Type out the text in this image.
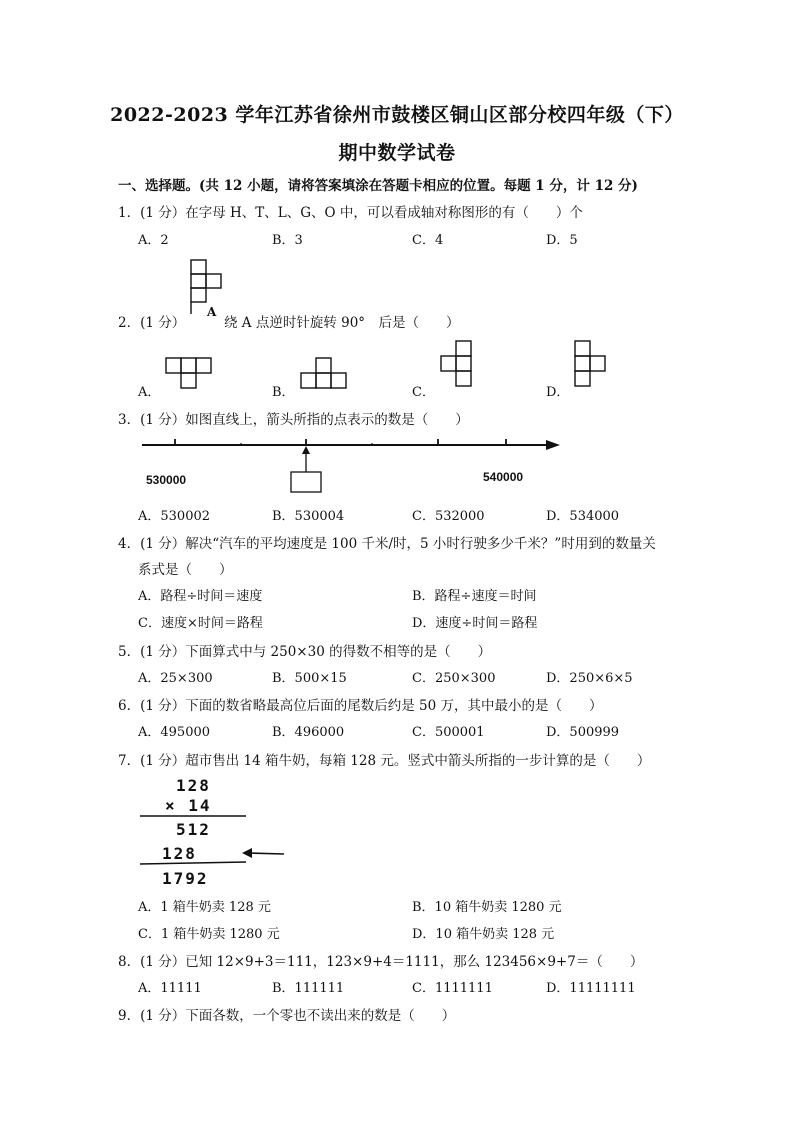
2022-2023 学年江苏省徐州市鼓楼区铜山区部分校四年级（下）
期中数学试卷
一、选择题。(共 12 小题，请将答案填涂在答题卡相应的位置。每题 1 分，计 12 分)
1．(1 分）在字母 H、T、L、G、O 中，可以看成轴对称图形的有（　　）个
A．2	B．3	C．4	D．5
2．(1 分）
A
绕 A 点逆时针旋转 90°　后是（　　）
A．	B．	C．	D．
3．(1 分）如图直线上，箭头所指的点表示的数是（　　）
530000	540000
A．530002	B．530004	C．532000	D．534000
4．(1 分）解决“汽车的平均速度是 100 千米/时，5 小时行驶多少千米？”时用到的数量关
系式是（　　）
A．路程÷时间＝速度	B．路程÷速度＝时间
C．速度×时间＝路程	D．速度÷时间＝路程
5．(1 分）下面算式中与 250×30 的得数不相等的是（　　）
A．25×300	B．500×15	C．250×300	D．250×6×5
6．(1 分）下面的数省略最高位后面的尾数后约是 50 万，其中最小的是（　　）
A．495000	B．496000	C．500001	D．500999
7．(1 分）超市售出 14 箱牛奶，每箱 128 元。竖式中箭头所指的一步计算的是（　　）
128
× 14
512
128
1792
A．1 箱牛奶卖 128 元	B．10 箱牛奶卖 1280 元
C．1 箱牛奶卖 1280 元	D．10 箱牛奶卖 128 元
8．(1 分）已知 12×9+3＝111，123×9+4＝1111，那么 123456×9+7＝（　　）
A．11111	B．111111	C．1111111	D．11111111
9．(1 分）下面各数，一个零也不读出来的数是（　　）
